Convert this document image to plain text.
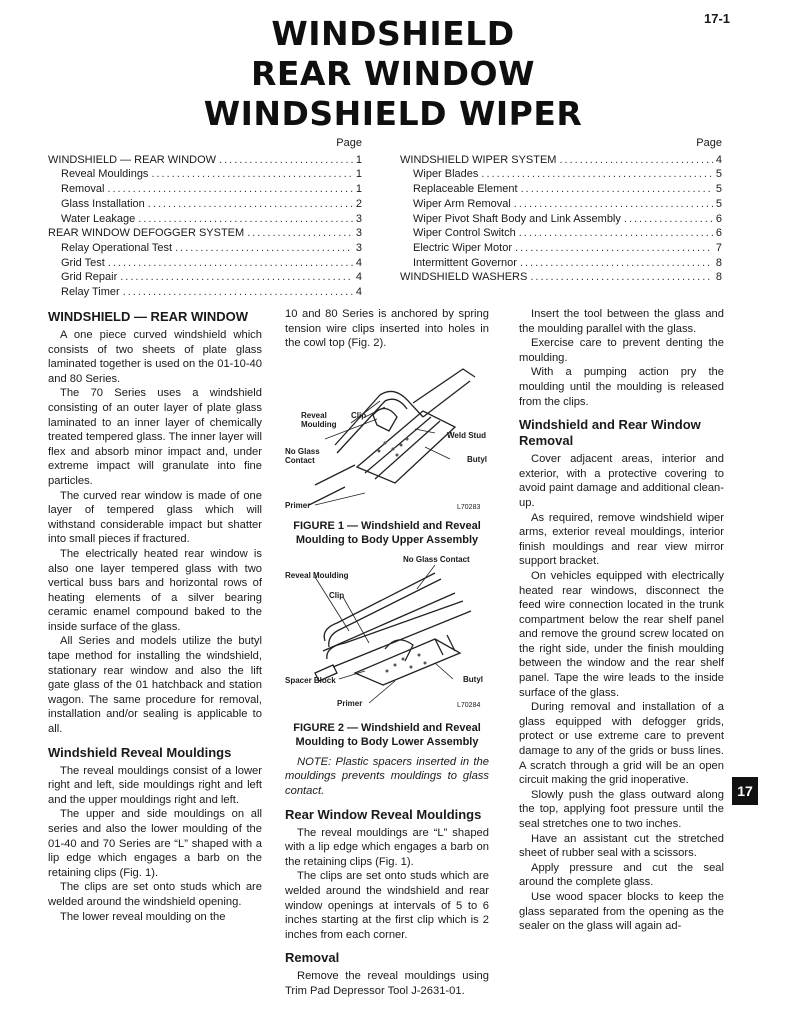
17-1
WINDSHIELD
REAR WINDOW
WINDSHIELD WIPER
Page
WINDSHIELD — REAR WINDOW .....	1
Reveal Mouldings .....	1
Removal .....	1
Glass Installation .....	2
Water Leakage .....	3
REAR WINDOW DEFOGGER SYSTEM .....	3
Relay Operational Test .....	3
Grid Test .....	4
Grid Repair .....	4
Relay Timer .....	4
Page
WINDSHIELD WIPER SYSTEM .....	4
Wiper Blades .....	5
Replaceable Element .....	5
Wiper Arm Removal .....	5
Wiper Pivot Shaft Body and Link Assembly .....	6
Wiper Control Switch .....	6
Electric Wiper Motor .....	7
Intermittent Governor .....	8
WINDSHIELD WASHERS .....	8
WINDSHIELD — REAR WINDOW

A one piece curved windshield which consists of two sheets of plate glass laminated together is used on the 01-10-40 and 80 Series.

The 70 Series uses a windshield consisting of an outer layer of plate glass laminated to an inner layer of chemically treated tempered glass. The inner layer will flex and absorb minor impact and, under extreme impact will granulate into fine particles.

The curved rear window is made of one layer of tempered glass which will withstand considerable impact but shatter into small pieces if fractured.

The electrically heated rear window is also one layer tempered glass with two vertical buss bars and horizontal rows of heating elements of a silver bearing ceramic enamel compound baked to the inside surface of the glass.

All Series and models utilize the butyl tape method for installing the windshield, stationary rear window and also the lift gate glass of the 01 hatchback and station wagon. The same procedure for removal, installation and/or sealing is applicable to all.

Windshield Reveal Mouldings

The reveal mouldings consist of a lower right and left, side mouldings right and left and the upper mouldings right and left.

The upper and side mouldings on all series and also the lower moulding of the 01-40 and 70 Series are “L” shaped with a lip edge which engages a barb on the retaining clips (Fig. 1).

The clips are set onto studs which are welded around the windshield opening.

The lower reveal moulding on the

10 and 80 Series is anchored by spring tension wire clips inserted into holes in the cowl top (Fig. 2).

Reveal
Moulding
Clip
Weld Stud
No Glass
Contact	Butyl
Primer	L70283
FIGURE 1 — Windshield and Reveal Moulding to Body Upper Assembly
No Glass Contact
Reveal Moulding
Clip
Spacer Block	Butyl
Primer	L70284
FIGURE 2 — Windshield and Reveal Moulding to Body Lower Assembly

NOTE: Plastic spacers inserted in the mouldings prevents mouldings to glass contact.

Rear Window Reveal Mouldings

The reveal mouldings are “L” shaped with a lip edge which engages a barb on the retaining clips (Fig. 1).

The clips are set onto studs which are welded around the windshield and rear window openings at intervals of 5 to 6 inches starting at the first clip which is 2 inches from each corner.

Removal

Remove the reveal mouldings using Trim Pad Depressor Tool J-2631-01.

Insert the tool between the glass and the moulding parallel with the glass.

Exercise care to prevent denting the moulding.

With a pumping action pry the moulding until the moulding is released from the clips.

Windshield and Rear Window Removal

Cover adjacent areas, interior and exterior, with a protective covering to avoid paint damage and additional clean-up.

As required, remove windshield wiper arms, exterior reveal mouldings, interior finish mouldings and rear view mirror support bracket.

On vehicles equipped with electrically heated rear windows, disconnect the feed wire connection located in the trunk compartment below the rear shelf panel and remove the ground screw located on the right side, under the finish moulding between the window and the rear shelf panel. Tape the wire leads to the inside surface of the glass.

During removal and installation of a glass equipped with defogger grids, protect or use extreme care to prevent damage to any of the grids or buss lines. A scratch through a grid will be an open circuit making the grid inoperative.

Slowly push the glass outward along the top, applying foot pressure until the seal stretches one to two inches.

Have an assistant cut the stretched sheet of rubber seal with a scissors.

Apply pressure and cut the seal around the complete glass.

Use wood spacer blocks to keep the glass separated from the opening as the sealer on the glass will again ad-

17
